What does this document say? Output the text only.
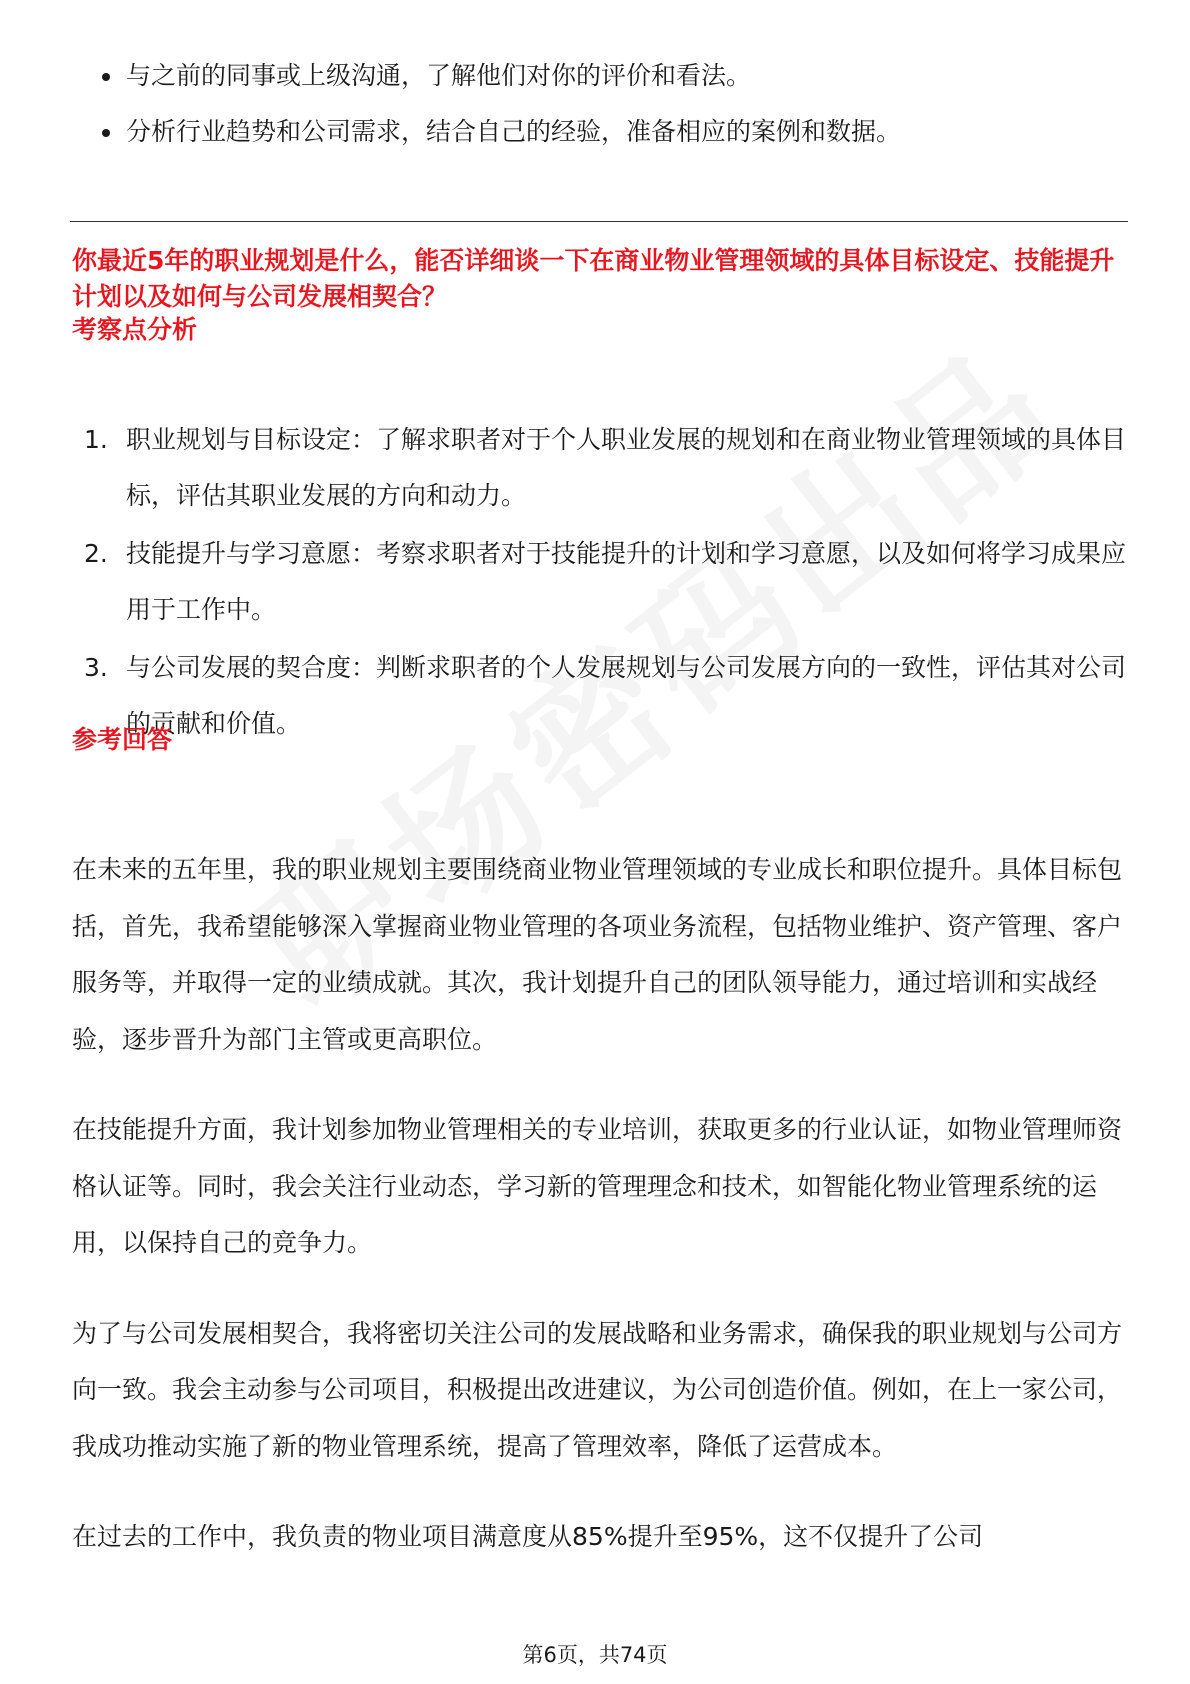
与之前的同事或上级沟通，了解他们对你的评价和看法。
分析行业趋势和公司需求，结合自己的经验，准备相应的案例和数据。
你最近5年的职业规划是什么，能否详细谈一下在商业物业管理领域的具体目标设定、技能提升计划以及如何与公司发展相契合？
考察点分析
1. 职业规划与目标设定：了解求职者对于个人职业发展的规划和在商业物业管理领域的具体目标，评估其职业发展的方向和动力。
2. 技能提升与学习意愿：考察求职者对于技能提升的计划和学习意愿，以及如何将学习成果应用于工作中。
3. 与公司发展的契合度：判断求职者的个人发展规划与公司发展方向的一致性，评估其对公司的贡献和价值。
参考回答

在未来的五年里，我的职业规划主要围绕商业物业管理领域的专业成长和职位提升。具体目标包括，首先，我希望能够深入掌握商业物业管理的各项业务流程，包括物业维护、资产管理、客户服务等，并取得一定的业绩成就。其次，我计划提升自己的团队领导能力，通过培训和实战经验，逐步晋升为部门主管或更高职位。

在技能提升方面，我计划参加物业管理相关的专业培训，获取更多的行业认证，如物业管理师资格认证等。同时，我会关注行业动态，学习新的管理理念和技术，如智能化物业管理系统的运用，以保持自己的竞争力。

为了与公司发展相契合，我将密切关注公司的发展战略和业务需求，确保我的职业规划与公司方向一致。我会主动参与公司项目，积极提出改进建议，为公司创造价值。例如，在上一家公司，我成功推动实施了新的物业管理系统，提高了管理效率，降低了运营成本。

在过去的工作中，我负责的物业项目满意度从85%提升至95%，这不仅提升了公司

第6页，共74页
